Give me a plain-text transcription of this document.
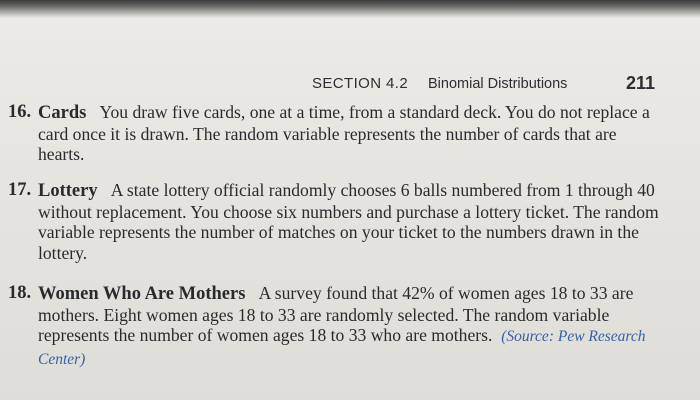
SECTION 4.2 Binomial Distributions	211
16. Cards You draw five cards, one at a time, from a standard deck. You do not replace a card once it is drawn. The random variable represents the number of cards that are hearts.
17. Lottery A state lottery official randomly chooses 6 balls numbered from 1 through 40 without replacement. You choose six numbers and purchase a lottery ticket. The random variable represents the number of matches on your ticket to the numbers drawn in the lottery.
18. Women Who Are Mothers A survey found that 42% of women ages 18 to 33 are mothers. Eight women ages 18 to 33 are randomly selected. The random variable represents the number of women ages 18 to 33 who are mothers. (Source: Pew Research Center)
